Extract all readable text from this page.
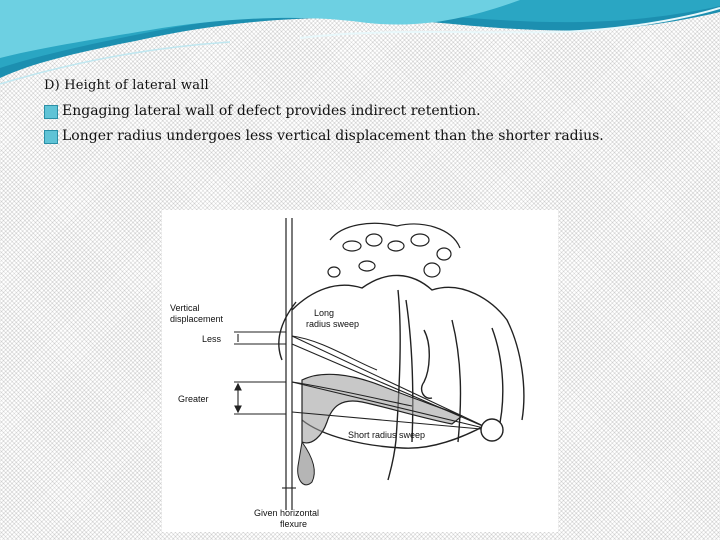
D) Height of lateral wall

Engaging lateral wall of defect provides indirect retention.

Longer radius undergoes less vertical displacement than the shorter radius.

Vertical
displacement
Less
Greater
Long
radius sweep
Short radius sweep
Given horizontal
flexure
